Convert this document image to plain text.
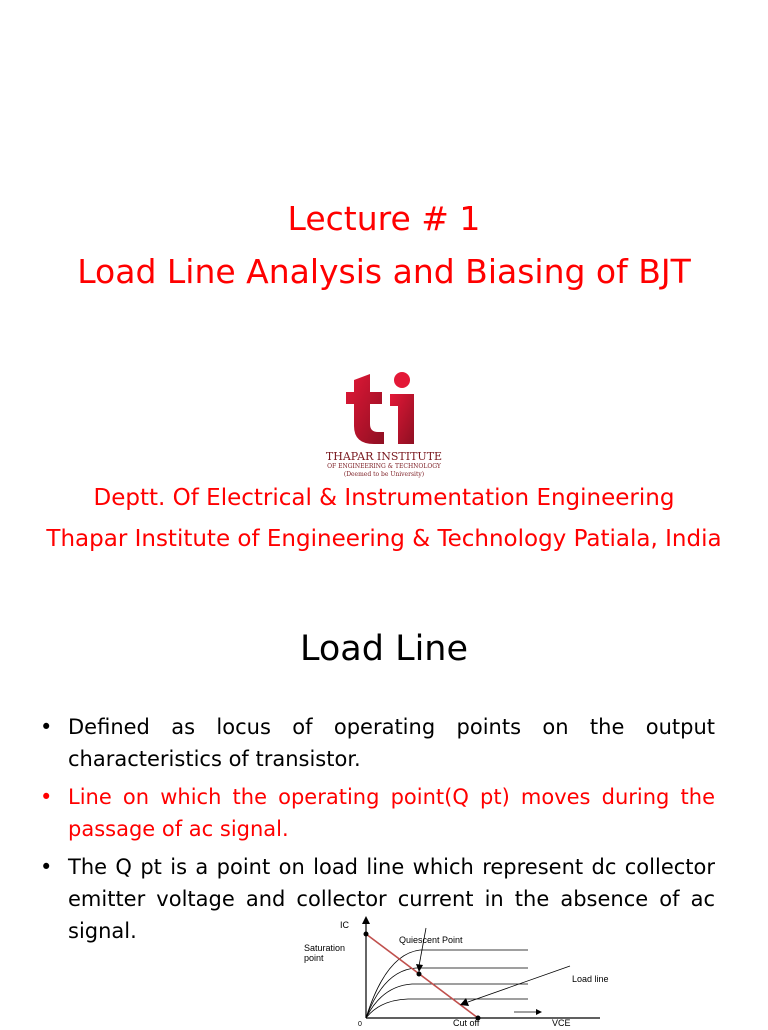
Lecture # 1
Load Line Analysis and Biasing of BJT
THAPAR INSTITUTE
OF ENGINEERING & TECHNOLOGY
(Deemed to be University)
Deptt. Of Electrical & Instrumentation Engineering
Thapar Institute of Engineering & Technology Patiala, India
Load Line
• Defined as locus of operating points on the output characteristics of transistor.
• Line on which the operating point(Q pt) moves during the passage of ac signal.
• The Q pt is a point on load line which represent dc collector emitter voltage and collector current in the absence of ac signal.	IC
Saturation
point
Quiescent Point
Load line
0	Cut off	VCE
